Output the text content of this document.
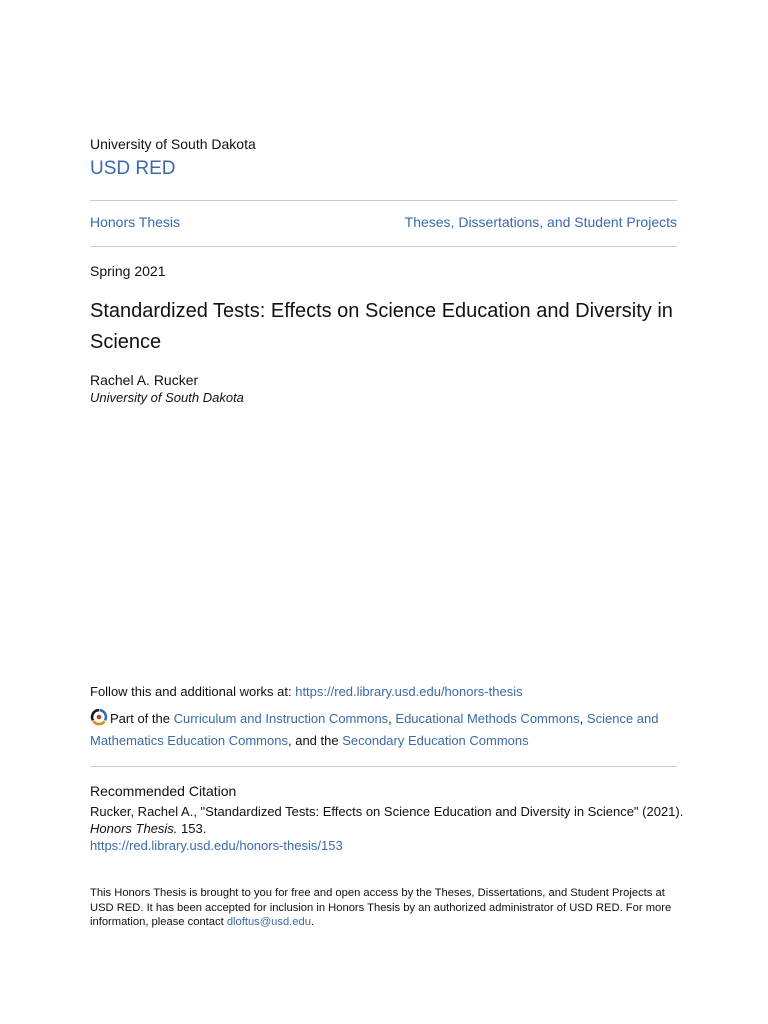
University of South Dakota
USD RED
Honors Thesis	Theses, Dissertations, and Student Projects
Spring 2021
Standardized Tests: Effects on Science Education and Diversity in Science
Rachel A. Rucker
University of South Dakota
Follow this and additional works at: https://red.library.usd.edu/honors-thesis
Part of the Curriculum and Instruction Commons, Educational Methods Commons, Science and Mathematics Education Commons, and the Secondary Education Commons
Recommended Citation
Rucker, Rachel A., "Standardized Tests: Effects on Science Education and Diversity in Science" (2021).
Honors Thesis. 153.
https://red.library.usd.edu/honors-thesis/153
This Honors Thesis is brought to you for free and open access by the Theses, Dissertations, and Student Projects at USD RED. It has been accepted for inclusion in Honors Thesis by an authorized administrator of USD RED. For more information, please contact dloftus@usd.edu.
